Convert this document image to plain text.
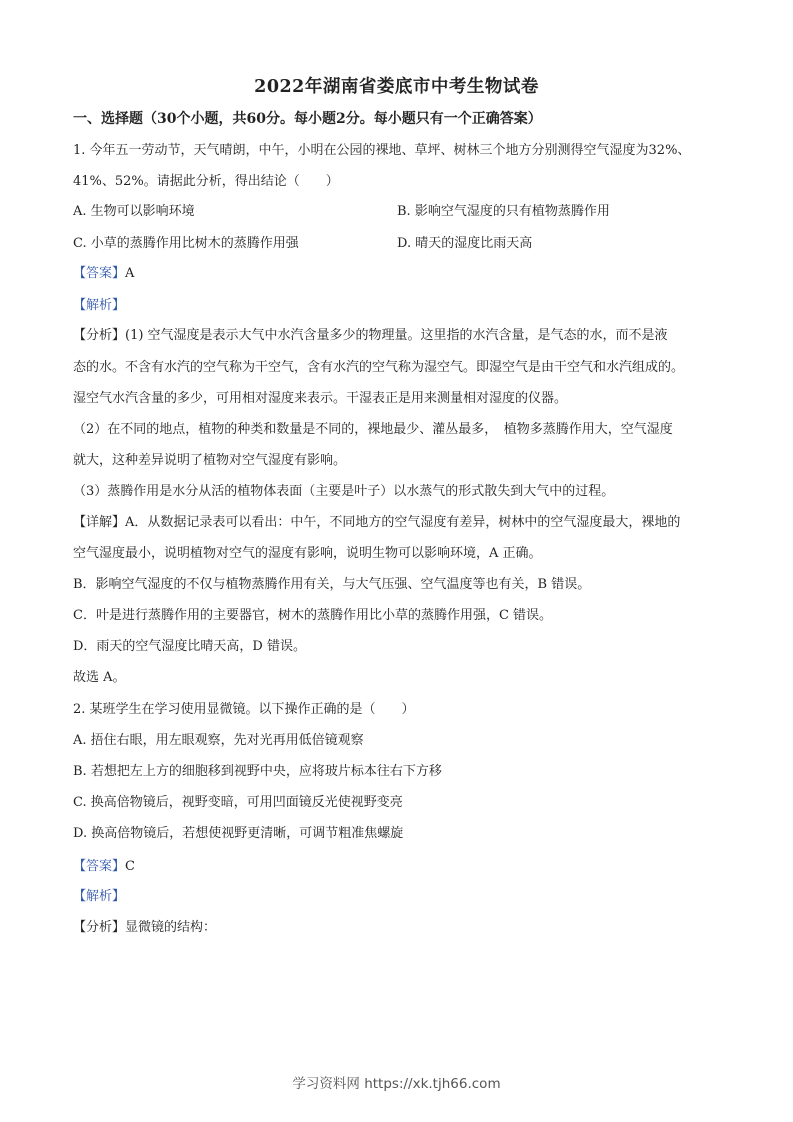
2022年湖南省娄底市中考生物试卷
一、选择题（30个小题，共60分。每小题2分。每小题只有一个正确答案）
1. 今年五一劳动节，天气晴朗，中午，小明在公园的裸地、草坪、树林三个地方分别测得空气湿度为32%、
41%、52%。请据此分析，得出结论（　　）
A. 生物可以影响环境	B. 影响空气湿度的只有植物蒸腾作用
C. 小草的蒸腾作用比树木的蒸腾作用强	D. 晴天的湿度比雨天高
【答案】A
【解析】
【分析】(1) 空气湿度是表示大气中水汽含量多少的物理量。这里指的水汽含量，是气态的水，而不是液
态的水。不含有水汽的空气称为干空气，含有水汽的空气称为湿空气。即湿空气是由干空气和水汽组成的。
湿空气水汽含量的多少，可用相对湿度来表示。干湿表正是用来测量相对湿度的仪器。
（2）在不同的地点，植物的种类和数量是不同的，裸地最少、灌丛最多，　植物多蒸腾作用大，空气湿度
就大，这种差异说明了植物对空气湿度有影响。
（3）蒸腾作用是水分从活的植物体表面（主要是叶子）以水蒸气的形式散失到大气中的过程。
【详解】A．从数据记录表可以看出：中午，不同地方的空气湿度有差异，树林中的空气湿度最大，裸地的
空气湿度最小，说明植物对空气的湿度有影响，说明生物可以影响环境，A 正确。
B．影响空气湿度的不仅与植物蒸腾作用有关，与大气压强、空气温度等也有关，B 错误。
C．叶是进行蒸腾作用的主要器官，树木的蒸腾作用比小草的蒸腾作用强，C 错误。
D．雨天的空气湿度比晴天高，D 错误。
故选 A。
2. 某班学生在学习使用显微镜。以下操作正确的是（　　）
A. 捂住右眼，用左眼观察，先对光再用低倍镜观察
B. 若想把左上方的细胞移到视野中央，应将玻片标本往右下方移
C. 换高倍物镜后，视野变暗，可用凹面镜反光使视野变亮
D. 换高倍物镜后，若想使视野更清晰，可调节粗准焦螺旋
【答案】C
【解析】
【分析】显微镜的结构：
学习资料网 https://xk.tjh66.com
